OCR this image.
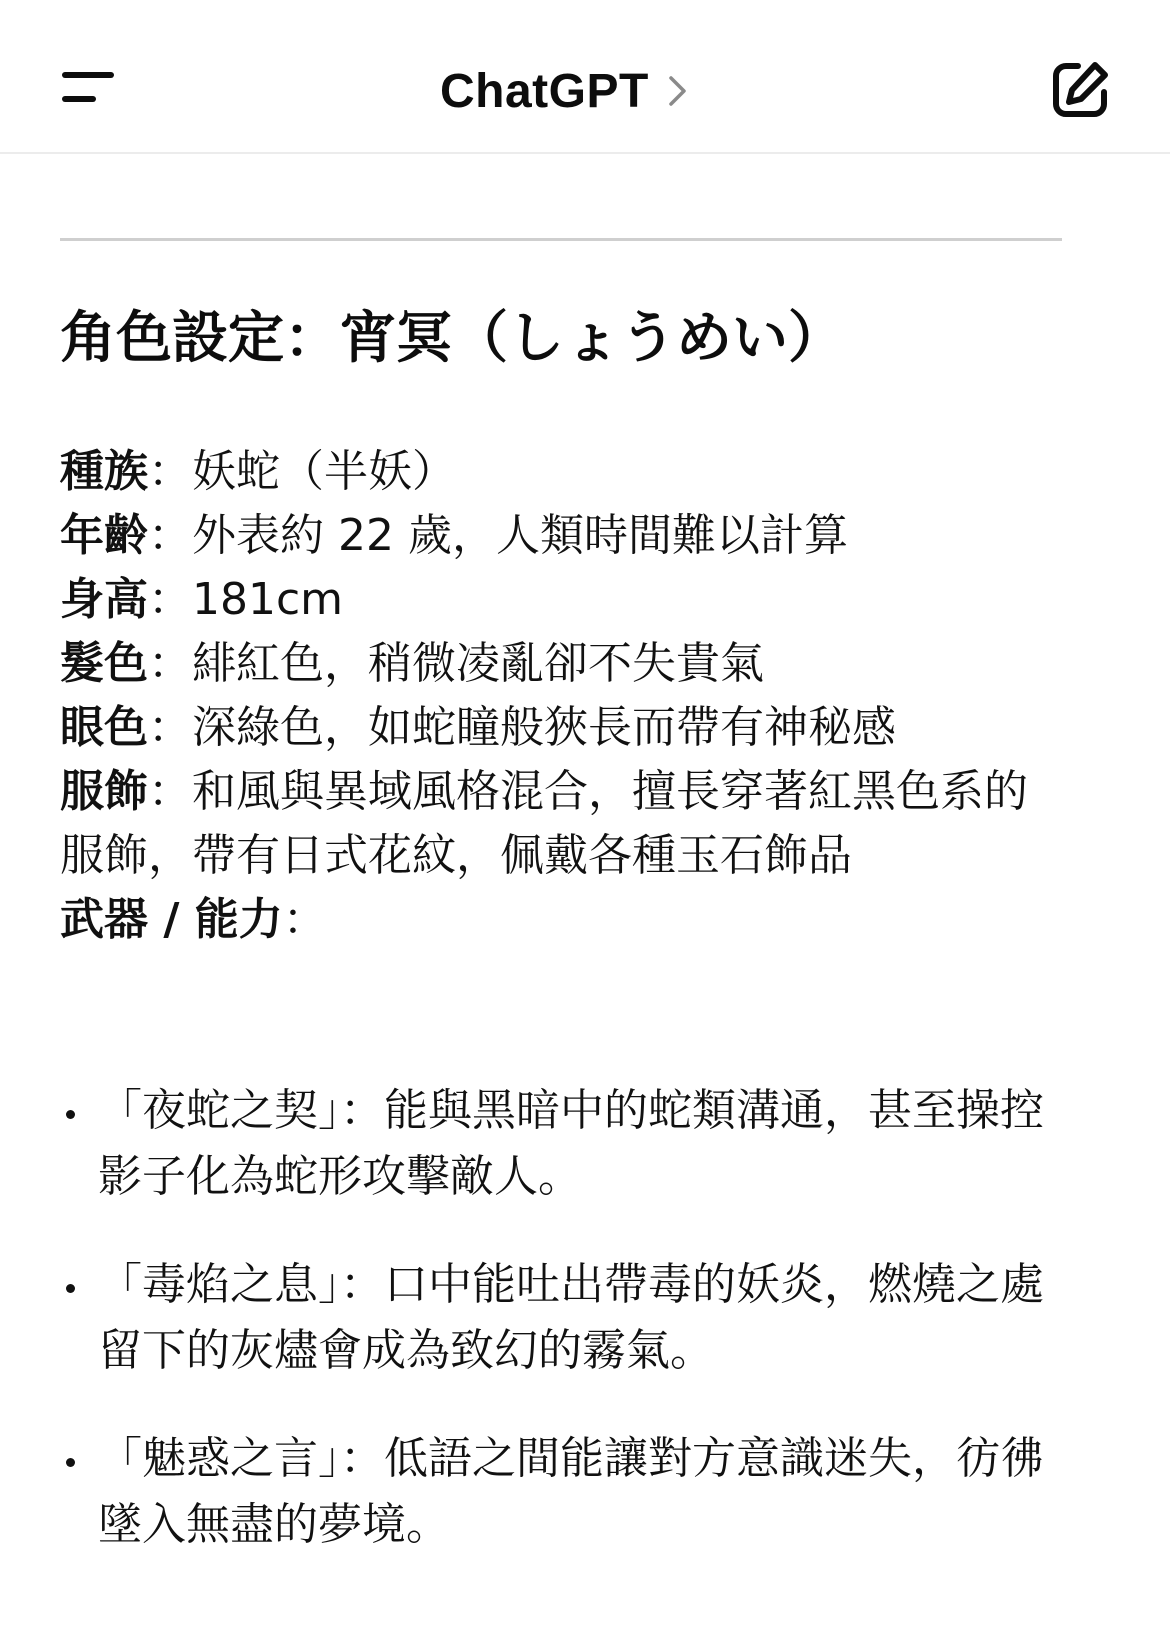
ChatGPT
角色設定：宵冥（しょうめい）

種族：妖蛇（半妖）

年齡：外表約 22 歲，人類時間難以計算

身高：181cm

髮色：緋紅色，稍微凌亂卻不失貴氣

眼色：深綠色，如蛇瞳般狹長而帶有神秘感

服飾：和風與異域風格混合，擅長穿著紅黑色系的服飾，帶有日式花紋，佩戴各種玉石飾品

武器 / 能力：

「夜蛇之契」：能與黑暗中的蛇類溝通，甚至操控影子化為蛇形攻擊敵人。
「毒焰之息」：口中能吐出帶毒的妖炎，燃燒之處留下的灰燼會成為致幻的霧氣。
「魅惑之言」：低語之間能讓對方意識迷失，彷彿墜入無盡的夢境。
